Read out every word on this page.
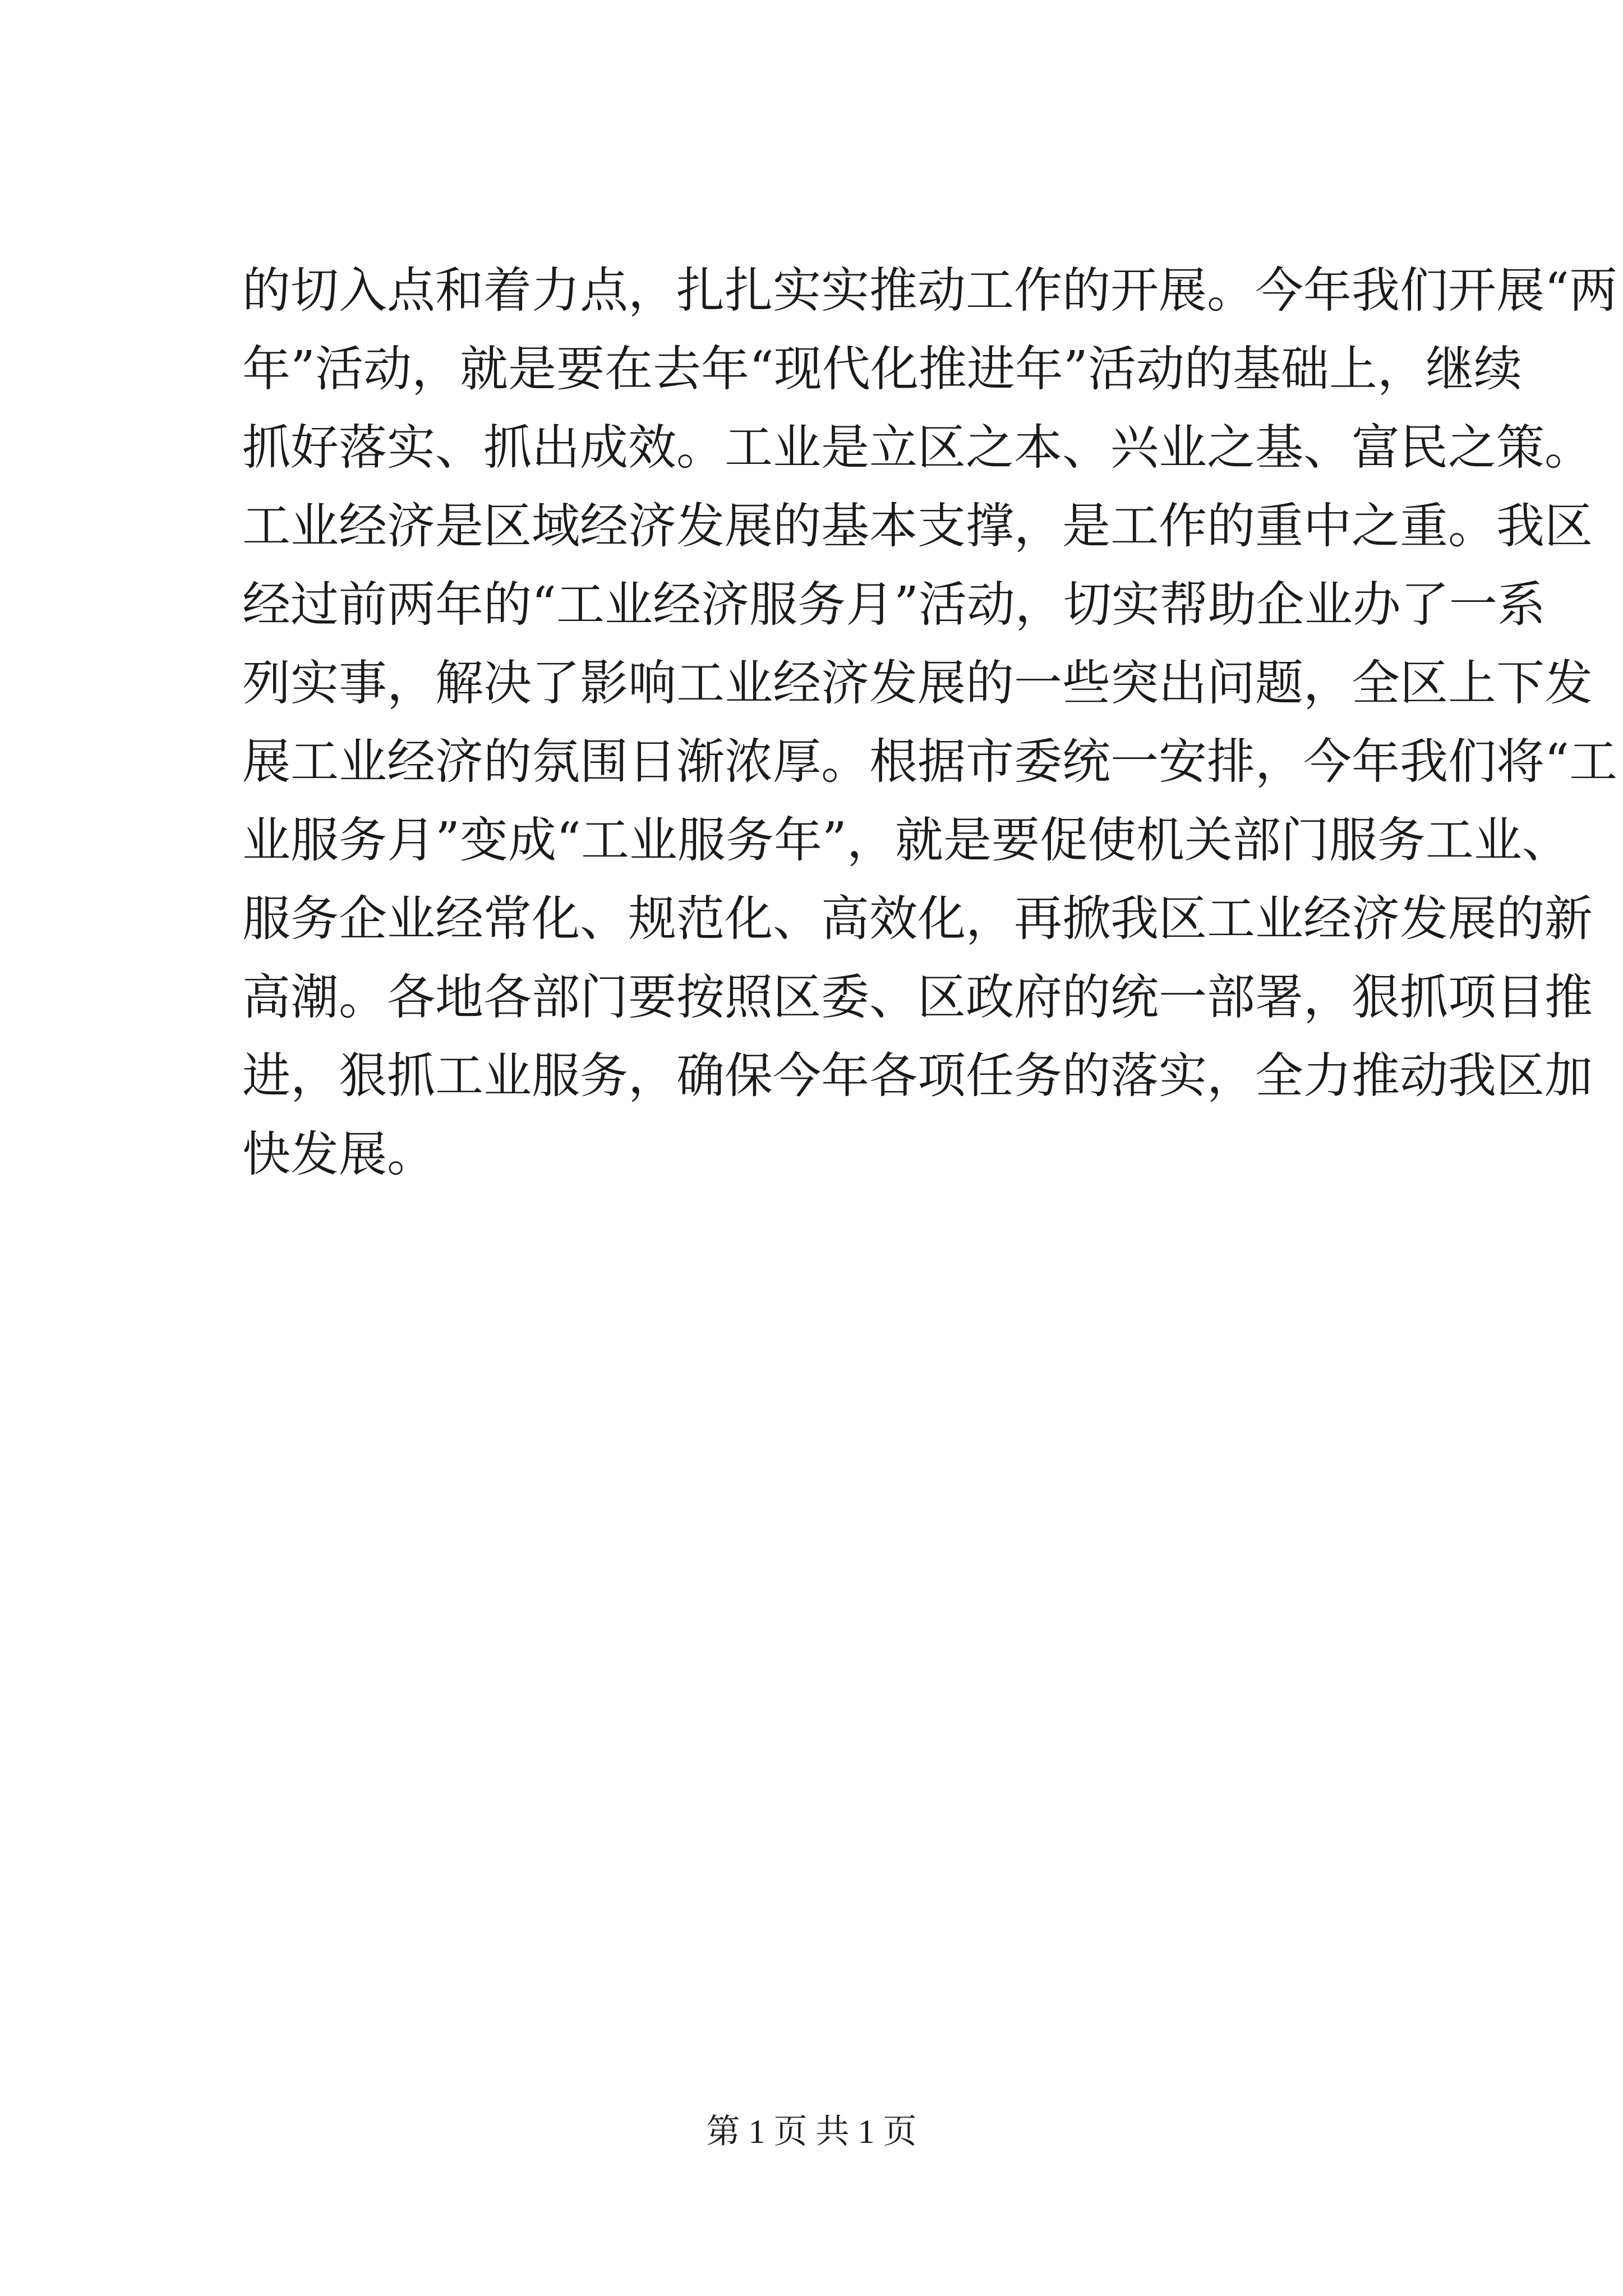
的切入点和着力点，扎扎实实推动工作的开展。今年我们开展“两
年”活动，就是要在去年“现代化推进年”活动的基础上，继续
抓好落实、抓出成效。工业是立区之本、兴业之基、富民之策。
工业经济是区域经济发展的基本支撑，是工作的重中之重。我区
经过前两年的“工业经济服务月”活动，切实帮助企业办了一系
列实事，解决了影响工业经济发展的一些突出问题，全区上下发
展工业经济的氛围日渐浓厚。根据市委统一安排，今年我们将“工
业服务月”变成“工业服务年”，就是要促使机关部门服务工业、
服务企业经常化、规范化、高效化，再掀我区工业经济发展的新
高潮。各地各部门要按照区委、区政府的统一部署，狠抓项目推
进，狠抓工业服务，确保今年各项任务的落实，全力推动我区加
快发展。
第 1 页 共 1 页
